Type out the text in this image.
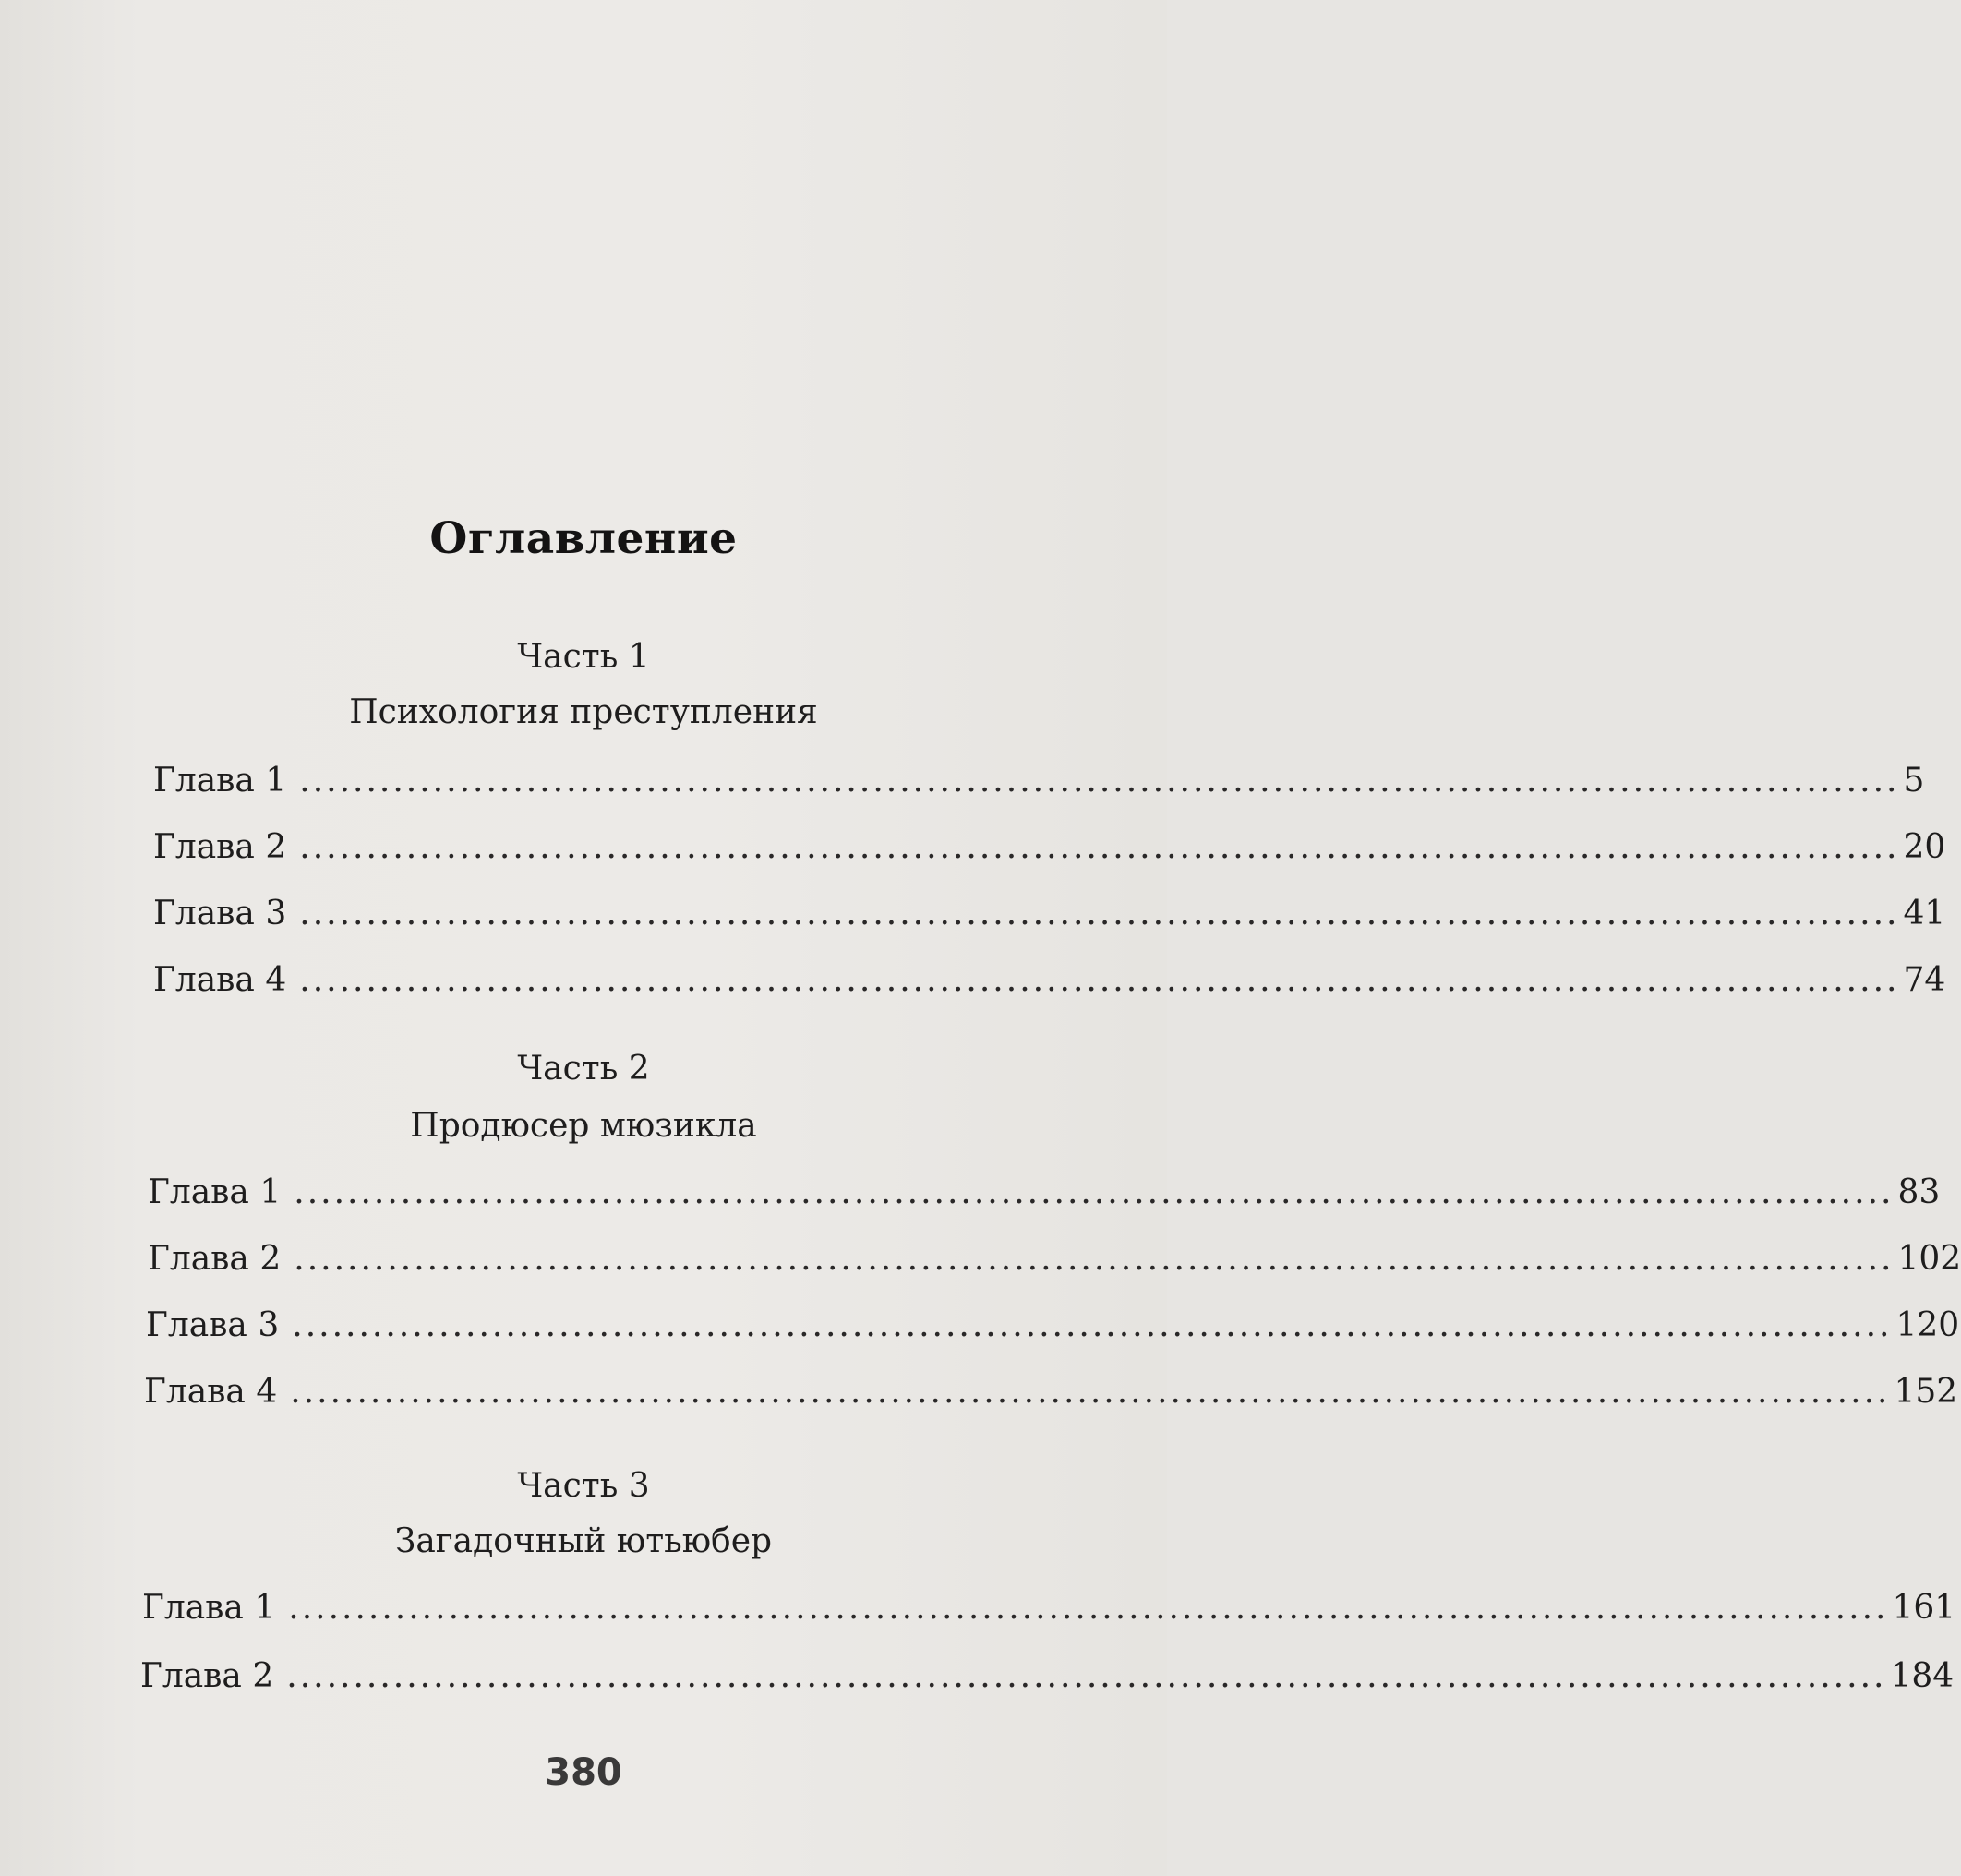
Оглавление
Часть 1
Психология преступления
Глава 1 ........................................................................................................................ 5
Глава 2 ........................................................................................................................ 20
Глава 3 ........................................................................................................................ 41
Глава 4 ........................................................................................................................ 74
Часть 2
Продюсер мюзикла
Глава 1 ........................................................................................................................ 83
Глава 2 ........................................................................................................................ 102
Глава 3 ........................................................................................................................ 120
Глава 4 ........................................................................................................................ 152
Часть 3
Загадочный ютьюбер
Глава 1 ........................................................................................................................ 161
Глава 2 ........................................................................................................................ 184
380
